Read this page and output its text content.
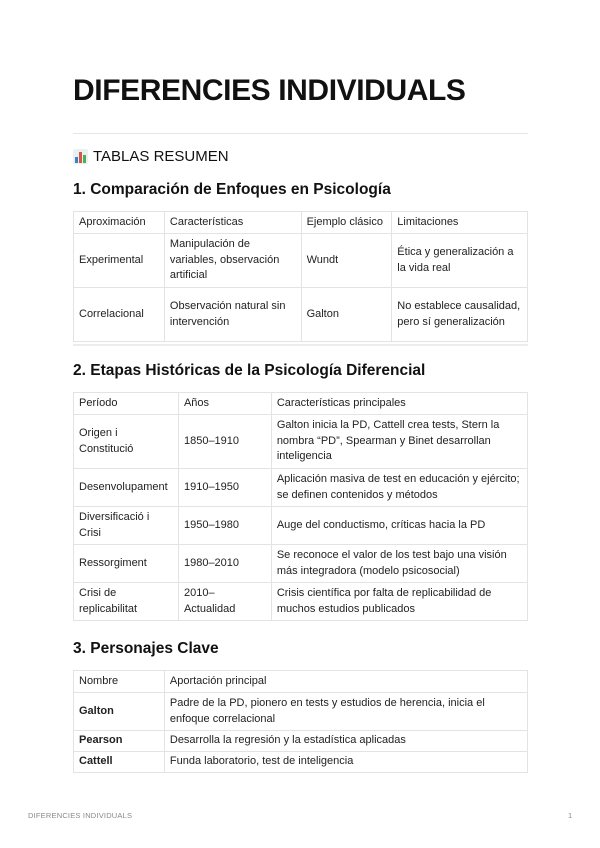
DIFERENCIES INDIVIDUALS
TABLAS RESUMEN
1. Comparación de Enfoques en Psicología
Aproximación	Características	Ejemplo clásico	Limitaciones
Experimental	Manipulación de variables, observación artificial	Wundt	Ética y generalización a la vida real
Correlacional	Observación natural sin intervención	Galton	No establece causalidad, pero sí generalización
2. Etapas Históricas de la Psicología Diferencial
Período	Años	Características principales
Origen i Constitució	1850–1910	Galton inicia la PD, Cattell crea tests, Stern la nombra “PD”, Spearman y Binet desarrollan inteligencia
Desenvolupament	1910–1950	Aplicación masiva de test en educación y ejército; se definen contenidos y métodos
Diversificació i Crisi	1950–1980	Auge del conductismo, críticas hacia la PD
Ressorgiment	1980–2010	Se reconoce el valor de los test bajo una visión más integradora (modelo psicosocial)
Crisi de replicabilitat	2010–Actualidad	Crisis científica por falta de replicabilidad de muchos estudios publicados
3. Personajes Clave
Nombre	Aportación principal
Galton	Padre de la PD, pionero en tests y estudios de herencia, inicia el enfoque correlacional
Pearson	Desarrolla la regresión y la estadística aplicadas
Cattell	Funda laboratorio, test de inteligencia
DIFERENCIES INDIVIDUALS	1
